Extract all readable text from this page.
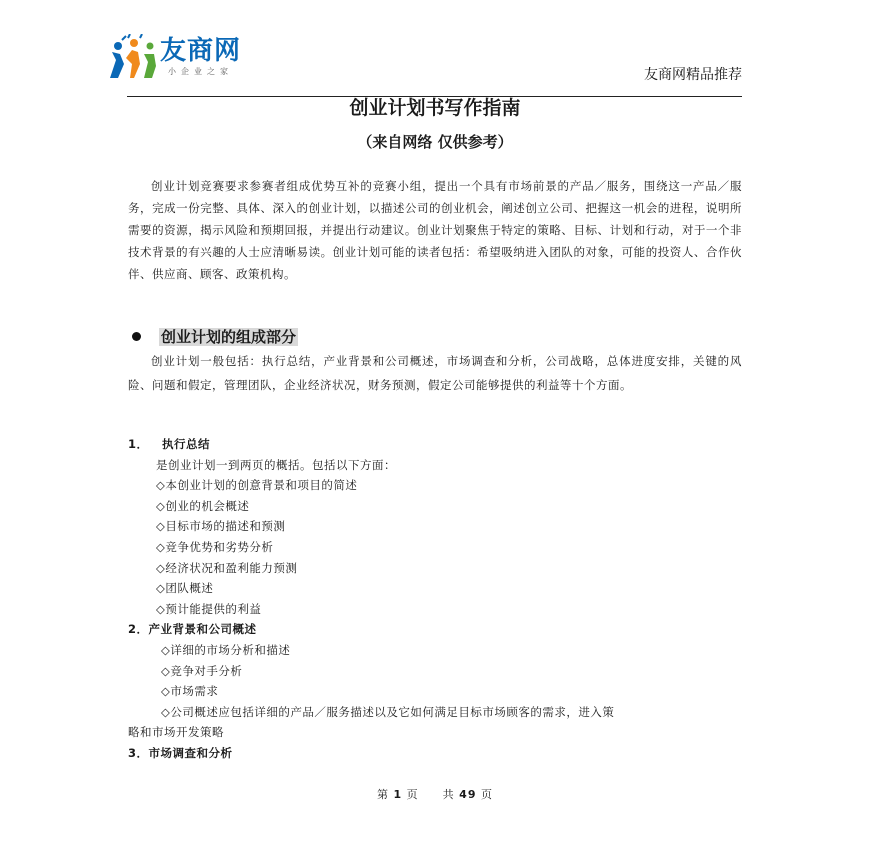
友商网
小企业之家	友商网精品推荐
创业计划书写作指南
（来自网络 仅供参考）

创业计划竞赛要求参赛者组成优势互补的竞赛小组，提出一个具有市场前景的产品／服务，围绕这一产品／服务，完成一份完整、具体、深入的创业计划，以描述公司的创业机会，阐述创立公司、把握这一机会的进程，说明所需要的资源，揭示风险和预期回报，并提出行动建议。创业计划聚焦于特定的策略、目标、计划和行动，对于一个非技术背景的有兴趣的人士应清晰易读。创业计划可能的读者包括：希望吸纳进入团队的对象，可能的投资人、合作伙伴、供应商、顾客、政策机构。

创业计划的组成部分

创业计划一般包括：执行总结，产业背景和公司概述，市场调查和分析，公司战略，总体进度安排，关键的风险、问题和假定，管理团队，企业经济状况，财务预测，假定公司能够提供的利益等十个方面。

1． 执行总结
是创业计划一到两页的概括。包括以下方面：
◇本创业计划的创意背景和项目的简述
◇创业的机会概述
◇目标市场的描述和预测
◇竞争优势和劣势分析
◇经济状况和盈利能力预测
◇团队概述
◇预计能提供的利益
2．产业背景和公司概述
◇详细的市场分析和描述
◇竞争对手分析
◇市场需求
◇公司概述应包括详细的产品／服务描述以及它如何满足目标市场顾客的需求，进入策
略和市场开发策略
3．市场调查和分析
第 1 页　　共 49 页
